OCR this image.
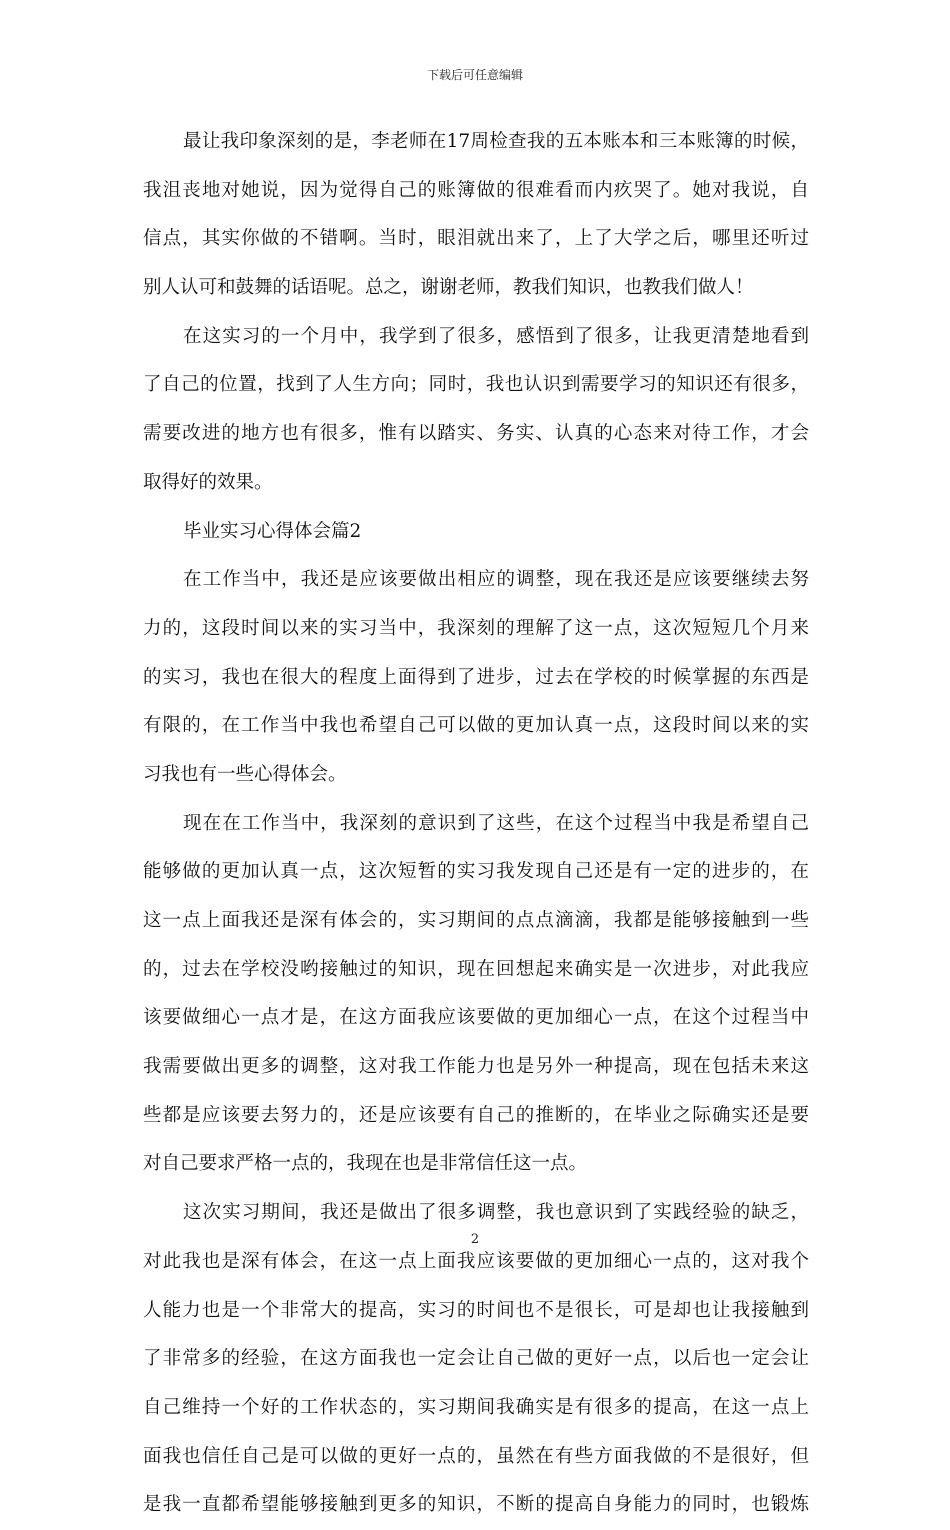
下载后可任意编辑
最让我印象深刻的是，李老师在17周检查我的五本账本和三本账簿的时候，
我沮丧地对她说，因为觉得自己的账簿做的很难看而内疚哭了。她对我说，自
信点，其实你做的不错啊。当时，眼泪就出来了，上了大学之后，哪里还听过
别人认可和鼓舞的话语呢。总之，谢谢老师，教我们知识，也教我们做人！
在这实习的一个月中，我学到了很多，感悟到了很多，让我更清楚地看到
了自己的位置，找到了人生方向；同时，我也认识到需要学习的知识还有很多，
需要改进的地方也有很多，惟有以踏实、务实、认真的心态来对待工作，才会
取得好的效果。
毕业实习心得体会篇2
在工作当中，我还是应该要做出相应的调整，现在我还是应该要继续去努
力的，这段时间以来的实习当中，我深刻的理解了这一点，这次短短几个月来
的实习，我也在很大的程度上面得到了进步，过去在学校的时候掌握的东西是
有限的，在工作当中我也希望自己可以做的更加认真一点，这段时间以来的实
习我也有一些心得体会。
现在在工作当中，我深刻的意识到了这些，在这个过程当中我是希望自己
能够做的更加认真一点，这次短暂的实习我发现自己还是有一定的进步的，在
这一点上面我还是深有体会的，实习期间的点点滴滴，我都是能够接触到一些
的，过去在学校没哟接触过的知识，现在回想起来确实是一次进步，对此我应
该要做细心一点才是，在这方面我应该要做的更加细心一点，在这个过程当中
我需要做出更多的调整，这对我工作能力也是另外一种提高，现在包括未来这
些都是应该要去努力的，还是应该要有自己的推断的，在毕业之际确实还是要
对自己要求严格一点的，我现在也是非常信任这一点。
这次实习期间，我还是做出了很多调整，我也意识到了实践经验的缺乏，
对此我也是深有体会，在这一点上面我应该要做的更加细心一点的，这对我个
人能力也是一个非常大的提高，实习的时间也不是很长，可是却也让我接触到
了非常多的经验，在这方面我也一定会让自己做的更好一点，以后也一定会让
自己维持一个好的工作状态的，实习期间我确实是有很多的提高，在这一点上
面我也信任自己是可以做的更好一点的，虽然在有些方面我做的不是很好，但
是我一直都希望能够接触到更多的知识，不断的提高自身能力的同时，也锻炼
2
